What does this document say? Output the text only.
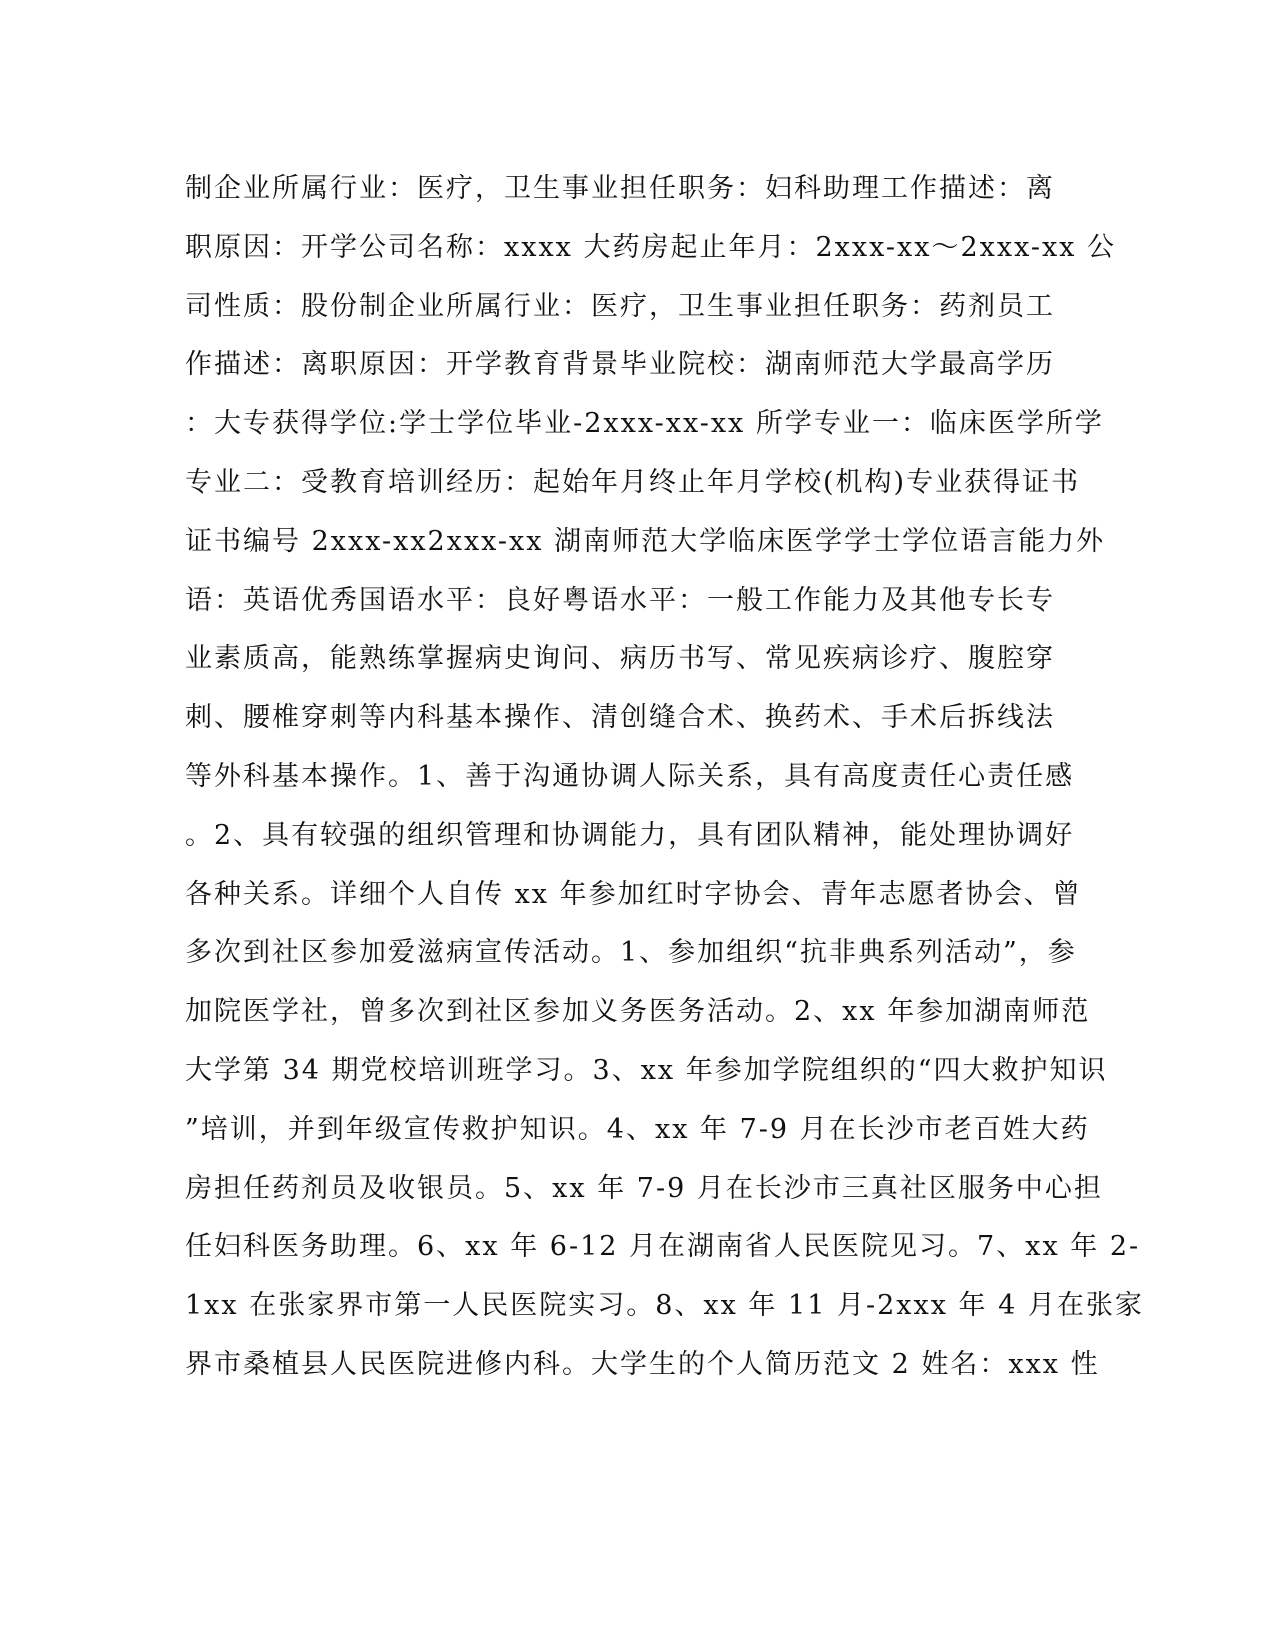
制企业所属行业：医疗，卫生事业担任职务：妇科助理工作描述：离
职原因：开学公司名称：xxxx 大药房起止年月：2xxx-xx～2xxx-xx 公
司性质：股份制企业所属行业：医疗，卫生事业担任职务：药剂员工
作描述：离职原因：开学教育背景毕业院校：湖南师范大学最高学历
：大专获得学位:学士学位毕业-2xxx-xx-xx 所学专业一：临床医学所学
专业二：受教育培训经历：起始年月终止年月学校(机构)专业获得证书
证书编号 2xxx-xx2xxx-xx 湖南师范大学临床医学学士学位语言能力外
语：英语优秀国语水平：良好粤语水平：一般工作能力及其他专长专
业素质高，能熟练掌握病史询问、病历书写、常见疾病诊疗、腹腔穿
刺、腰椎穿刺等内科基本操作、清创缝合术、换药术、手术后拆线法
等外科基本操作。1、善于沟通协调人际关系，具有高度责任心责任感
。2、具有较强的组织管理和协调能力，具有团队精神，能处理协调好
各种关系。详细个人自传 xx 年参加红时字协会、青年志愿者协会、曾
多次到社区参加爱滋病宣传活动。1、参加组织“抗非典系列活动”，参
加院医学社，曾多次到社区参加义务医务活动。2、xx 年参加湖南师范
大学第 34 期党校培训班学习。3、xx 年参加学院组织的“四大救护知识
”培训，并到年级宣传救护知识。4、xx 年 7-9 月在长沙市老百姓大药
房担任药剂员及收银员。5、xx 年 7-9 月在长沙市三真社区服务中心担
任妇科医务助理。6、xx 年 6-12 月在湖南省人民医院见习。7、xx 年 2-
1xx 在张家界市第一人民医院实习。8、xx 年 11 月-2xxx 年 4 月在张家
界市桑植县人民医院进修内科。大学生的个人简历范文 2 姓名：xxx 性
